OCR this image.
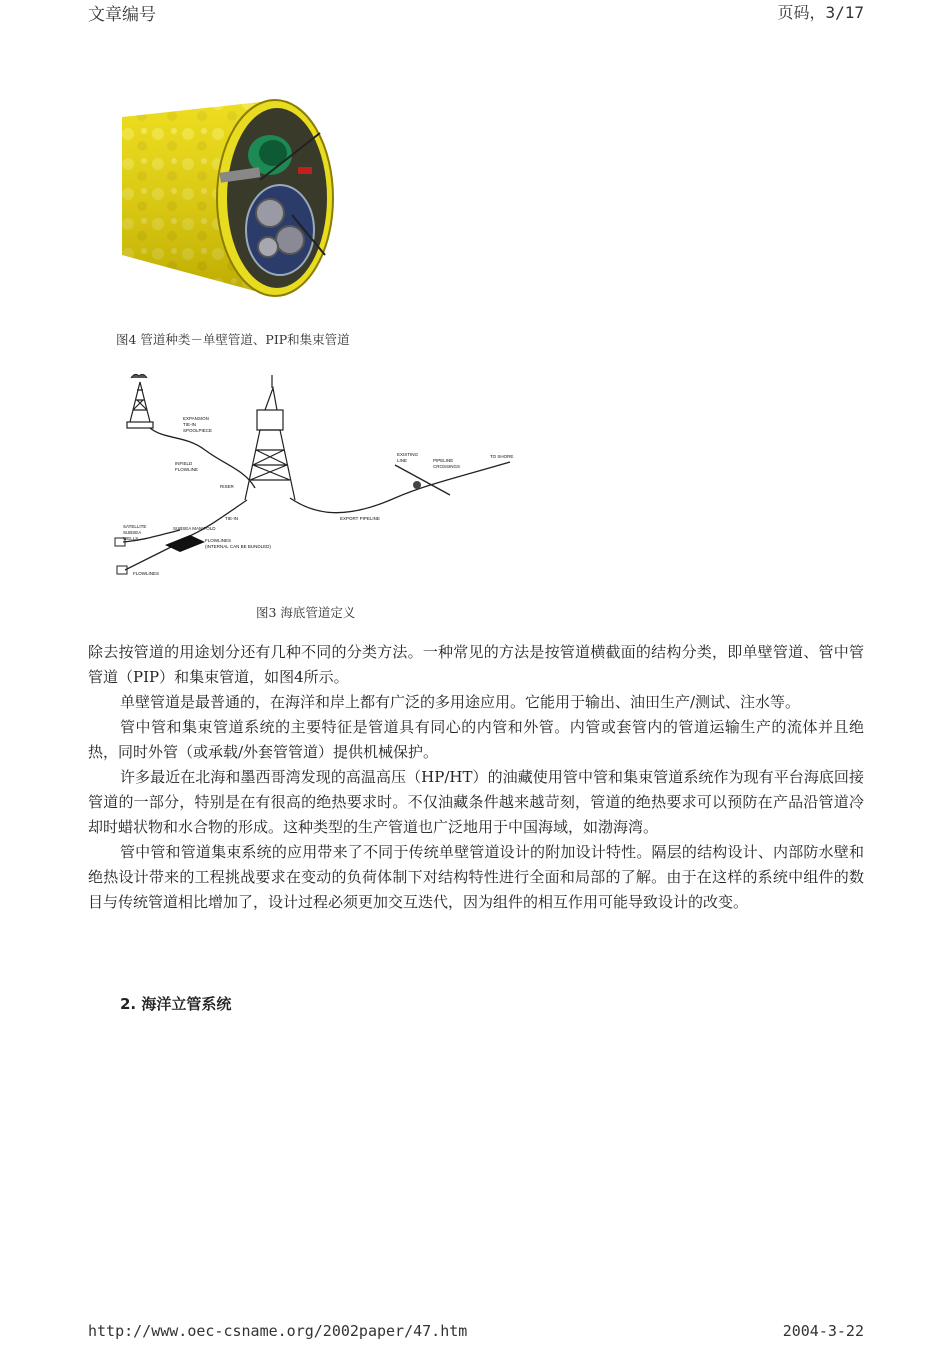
文章编号	页码，3/17
图4 管道种类－单壁管道、PIP和集束管道
EXPANSION
TIE-IN
SPOOLPIECE
INFIELD
FLOWLINE
RISER
TIE-IN
SATELLITE
SUBSEA
WELLS
SUBSEA MANIFOLD
FLOWLINES
(INTERNAL CAN BE BUNDLED)
FLOWLINES
EXPORT PIPELINE
EXISTING
LINE	PIPELINE
CROSSINGS
TO SHORE
图3 海底管道定义

除去按管道的用途划分还有几种不同的分类方法。一种常见的方法是按管道横截面的结构分类，即单壁管道、管中管管道（PIP）和集束管道，如图4所示。

单壁管道是最普通的，在海洋和岸上都有广泛的多用途应用。它能用于输出、油田生产/测试、注水等。

管中管和集束管道系统的主要特征是管道具有同心的内管和外管。内管或套管内的管道运输生产的流体并且绝热，同时外管（或承载/外套管管道）提供机械保护。

许多最近在北海和墨西哥湾发现的高温高压（HP/HT）的油藏使用管中管和集束管道系统作为现有平台海底回接管道的一部分，特别是在有很高的绝热要求时。不仅油藏条件越来越苛刻，管道的绝热要求可以预防在产品沿管道冷却时蜡状物和水合物的形成。这种类型的生产管道也广泛地用于中国海域，如渤海湾。

管中管和管道集束系统的应用带来了不同于传统单壁管道设计的附加设计特性。隔层的结构设计、内部防水壁和绝热设计带来的工程挑战要求在变动的负荷体制下对结构特性进行全面和局部的了解。由于在这样的系统中组件的数目与传统管道相比增加了，设计过程必须更加交互迭代，因为组件的相互作用可能导致设计的改变。

2. 海洋立管系统
http://www.oec-csname.org/2002paper/47.htm	2004-3-22
